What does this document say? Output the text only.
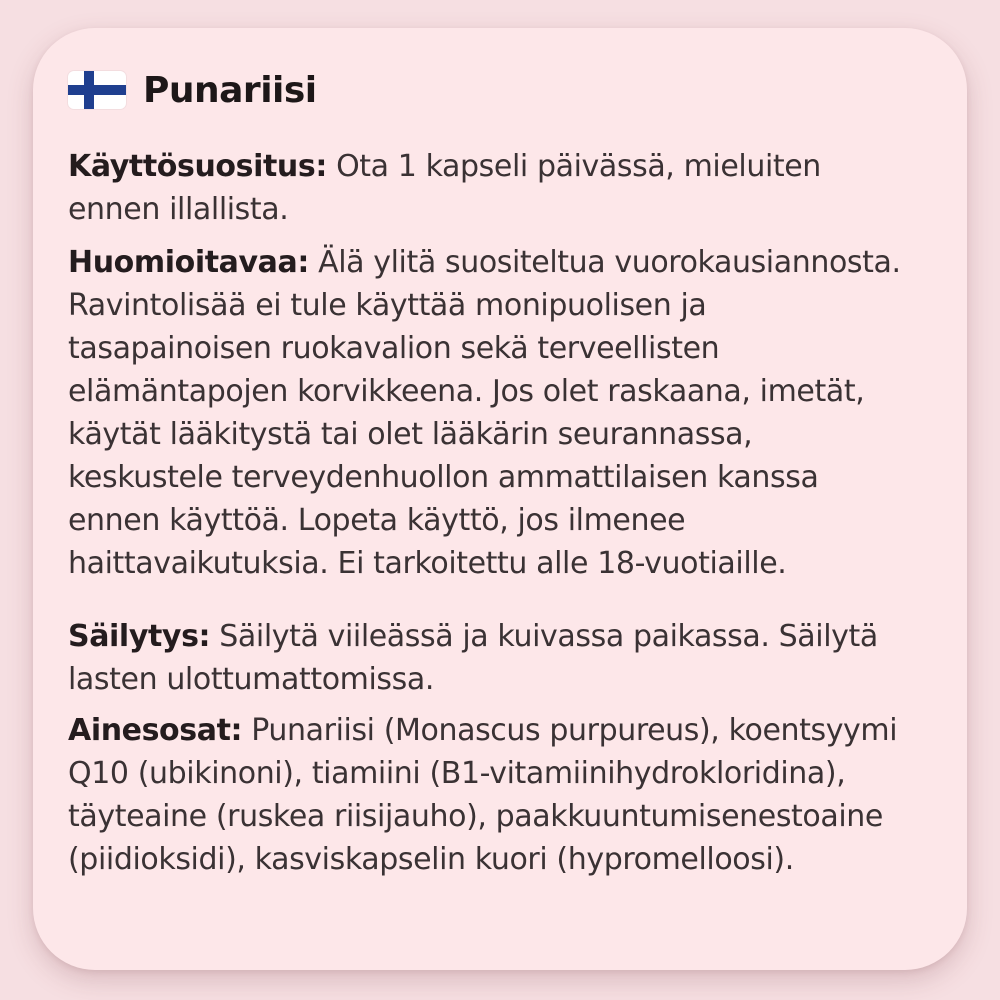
Punariisi

Käyttösuositus: Ota 1 kapseli päivässä, mieluiten ennen illallista.

Huomioitavaa: Älä ylitä suositeltua vuorokausiannosta. Ravintolisää ei tule käyttää monipuolisen ja tasapainoisen ruokavalion sekä terveellisten elämäntapojen korvikkeena. Jos olet raskaana, imetät, käytät lääkitystä tai olet lääkärin seurannassa, keskustele terveydenhuollon ammattilaisen kanssa ennen käyttöä. Lopeta käyttö, jos ilmenee haittavaikutuksia. Ei tarkoitettu alle 18-vuotiaille.

Säilytys: Säilytä viileässä ja kuivassa paikassa. Säilytä lasten ulottumattomissa.

Ainesosat: Punariisi (Monascus purpureus), koentsyymi Q10 (ubikinoni), tiamiini (B1-vitamiinihydrokloridina), täyteaine (ruskea riisijauho), paakkuuntumisenestoaine (piidioksidi), kasviskapselin kuori (hypromelloosi).
